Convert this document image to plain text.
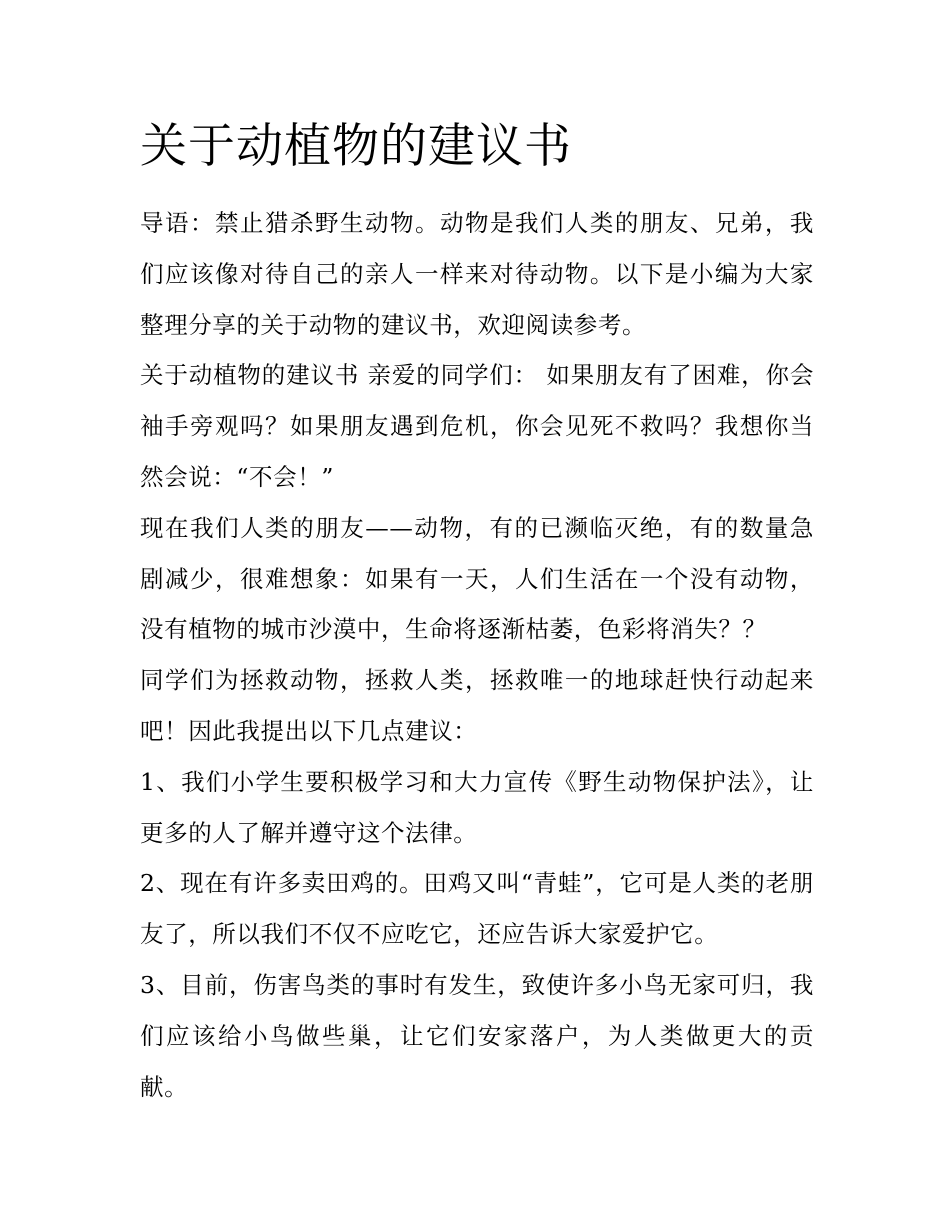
关于动植物的建议书

导语：禁止猎杀野生动物。动物是我们人类的朋友、兄弟，我们应该像对待自己的亲人一样来对待动物。以下是小编为大家整理分享的关于动物的建议书，欢迎阅读参考。

关于动植物的建议书 亲爱的同学们： 如果朋友有了困难，你会袖手旁观吗？如果朋友遇到危机，你会见死不救吗？我想你当然会说：“不会！”

现在我们人类的朋友——动物，有的已濒临灭绝，有的数量急剧减少，很难想象：如果有一天，人们生活在一个没有动物，没有植物的城市沙漠中，生命将逐渐枯萎，色彩将消失？？

同学们为拯救动物，拯救人类，拯救唯一的地球赶快行动起来吧！因此我提出以下几点建议：

1、我们小学生要积极学习和大力宣传《野生动物保护法》，让更多的人了解并遵守这个法律。

2、现在有许多卖田鸡的。田鸡又叫“青蛙”，它可是人类的老朋友了，所以我们不仅不应吃它，还应告诉大家爱护它。

3、目前，伤害鸟类的事时有发生，致使许多小鸟无家可归，我们应该给小鸟做些巢，让它们安家落户，为人类做更大的贡献。
